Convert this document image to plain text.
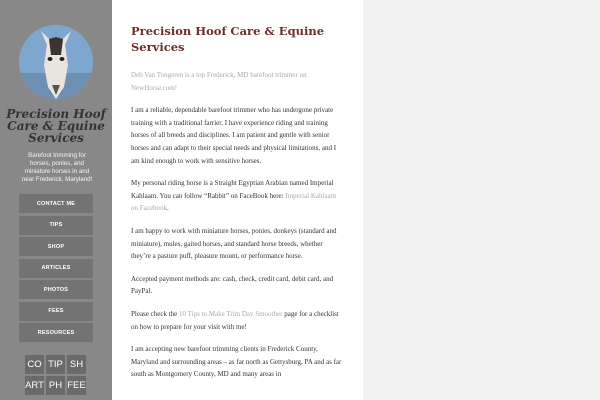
Precision Hoof Care & Equine Services
Barefoot trimming for horses, ponies, and miniature horses in and near Frederick, Maryland!
CONTACT ME
TIPS
SHOP
ARTICLES
PHOTOS
FEES
RESOURCES
CO TIP SH
ART PH FEE
Precision Hoof Care & Equine Services

Deb Van Tongeren is a top Frederick, MD barefoot trimmer on NewHorse.com!

I am a reliable, dependable barefoot trimmer who has undergone private training with a traditional farrier. I have experience riding and training horses of all breeds and disciplines. I am patient and gentle with senior horses and can adapt to their special needs and physical limitations, and I am kind enough to work with sensitive horses.

My personal riding horse is a Straight Egyptian Arabian named Imperial Kahlaam. You can follow “Rabbit” on FaceBook here: Imperial Kahlaam on Facebook.

I am happy to work with miniature horses, ponies, donkeys (standard and miniature), mules, gaited horses, and standard horse breeds, whether they’re a pasture puff, pleasure mount, or performance horse.

Accepted payment methods are: cash, check, credit card, debit card, and PayPal.

Please check the 10 Tips to Make Trim Day Smoother page for a checklist on how to prepare for your visit with me!

I am accepting new barefoot trimming clients in Frederick County, Maryland and surrounding areas – as far north as Gettysburg, PA and as far south as Montgomery County, MD and many areas in
